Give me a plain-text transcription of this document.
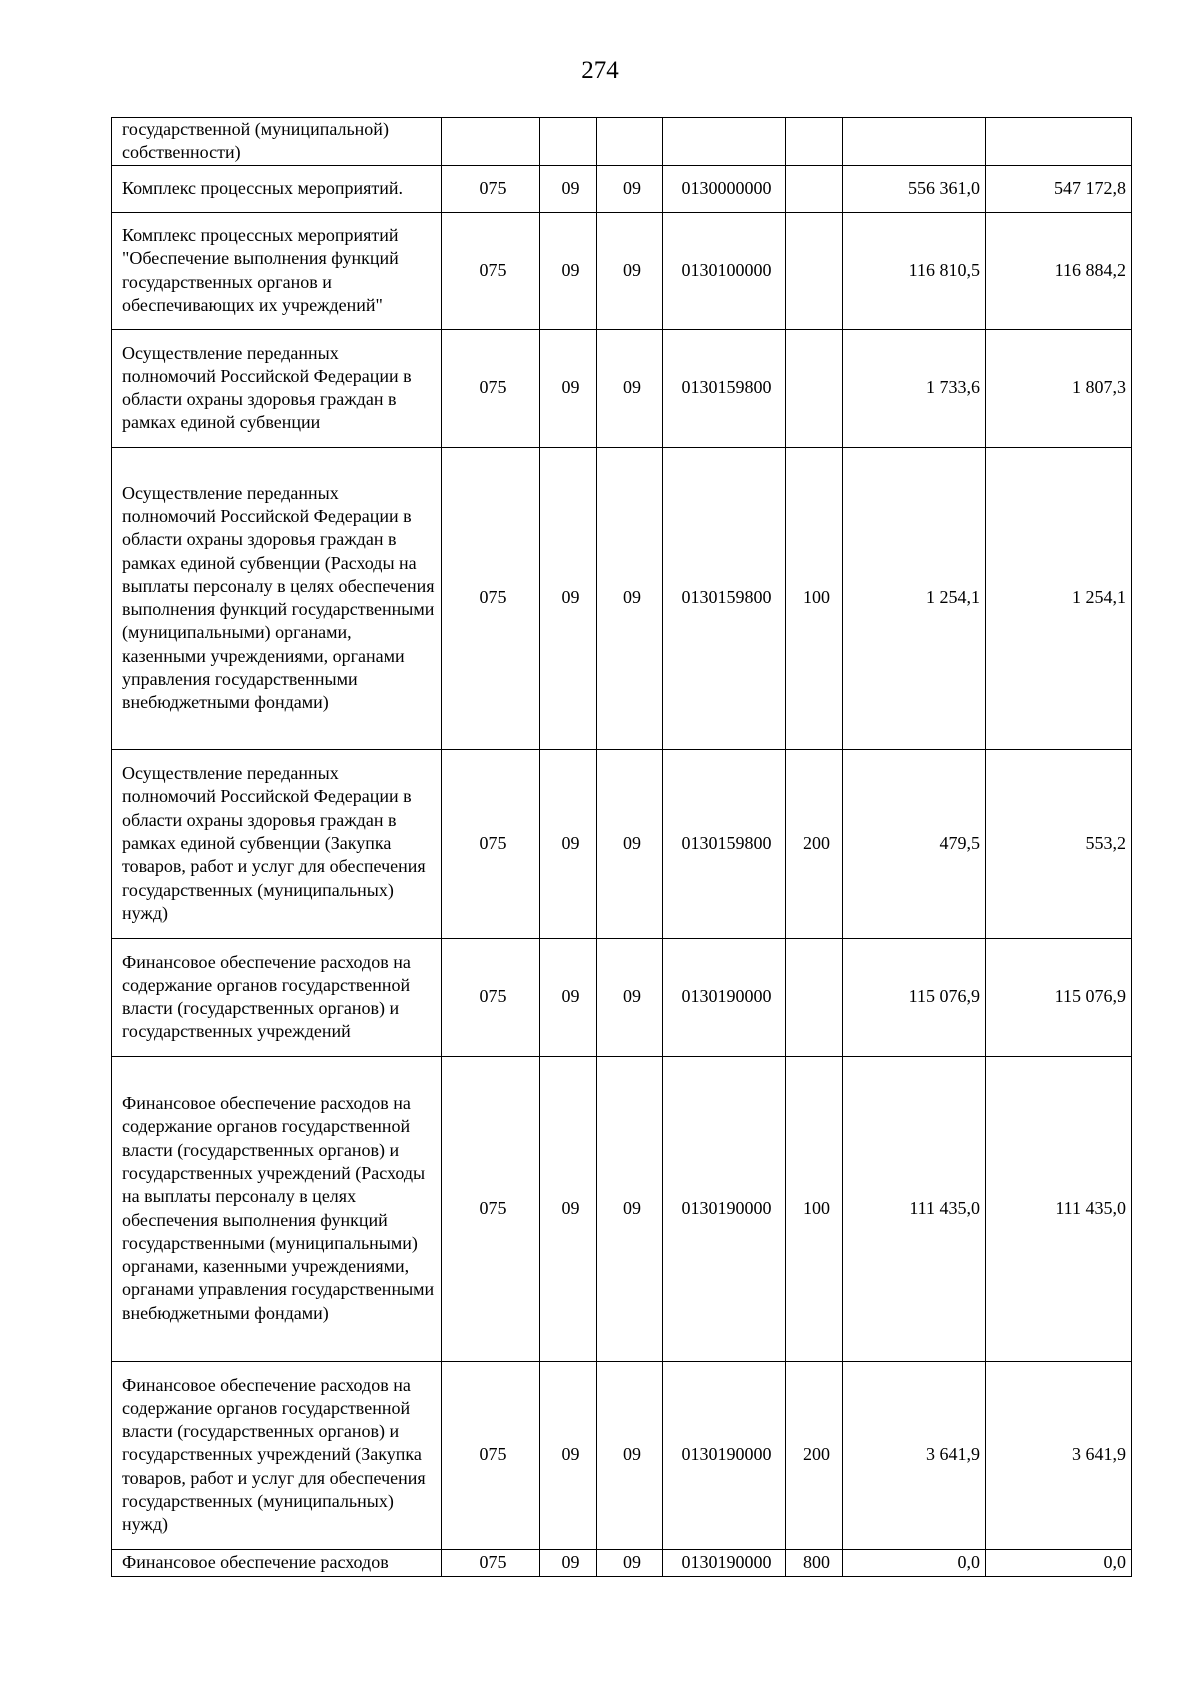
274
государственной (муниципальной) собственности)							
Комплекс процессных мероприятий.	075	09	09	0130000000		556 361,0	547 172,8
Комплекс процессных мероприятий "Обеспечение выполнения функций государственных органов и обеспечивающих их учреждений"	075	09	09	0130100000		116 810,5	116 884,2
Осуществление переданных полномочий Российской Федерации в области охраны здоровья граждан в рамках единой субвенции	075	09	09	0130159800		1 733,6	1 807,3
Осуществление переданных полномочий Российской Федерации в области охраны здоровья граждан в рамках единой субвенции (Расходы на выплаты персоналу в целях обеспечения выполнения функций государственными (муниципальными) органами, казенными учреждениями, органами управления государственными внебюджетными фондами)	075	09	09	0130159800	100	1 254,1	1 254,1
Осуществление переданных полномочий Российской Федерации в области охраны здоровья граждан в рамках единой субвенции (Закупка товаров, работ и услуг для обеспечения государственных (муниципальных) нужд)	075	09	09	0130159800	200	479,5	553,2
Финансовое обеспечение расходов на содержание органов государственной власти (государственных органов) и государственных учреждений	075	09	09	0130190000		115 076,9	115 076,9
Финансовое обеспечение расходов на содержание органов государственной власти (государственных органов) и государственных учреждений (Расходы на выплаты персоналу в целях обеспечения выполнения функций государственными (муниципальными) органами, казенными учреждениями, органами управления государственными внебюджетными фондами)	075	09	09	0130190000	100	111 435,0	111 435,0
Финансовое обеспечение расходов на содержание органов государственной власти (государственных органов) и государственных учреждений (Закупка товаров, работ и услуг для обеспечения государственных (муниципальных) нужд)	075	09	09	0130190000	200	3 641,9	3 641,9
Финансовое обеспечение расходов	075	09	09	0130190000	800	0,0	0,0
